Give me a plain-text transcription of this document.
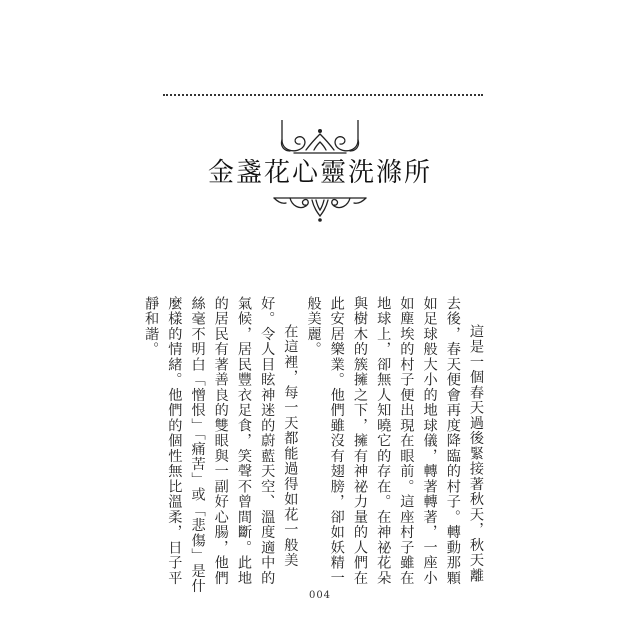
金盞花心靈洗滌所

這是一個春天過後緊接著秋天，秋天離去後，春天便會再度降臨的村子。轉動那顆如足球般大小的地球儀，轉著轉著，一座小如塵埃的村子便出現在眼前。這座村子雖在地球上，卻無人知曉它的存在。在神祕花朵與樹木的簇擁之下，擁有神祕力量的人們在此安居樂業。他們雖沒有翅膀，卻如妖精一般美麗。

在這裡，每一天都能過得如花一般美好。令人目眩神迷的蔚藍天空、溫度適中的氣候，居民豐衣足食，笑聲不曾間斷。此地的居民有著善良的雙眼與一副好心腸，他們絲毫不明白「憎恨」「痛苦」或「悲傷」是什麼樣的情緒。他們的個性無比溫柔，日子平靜和諧。

004
